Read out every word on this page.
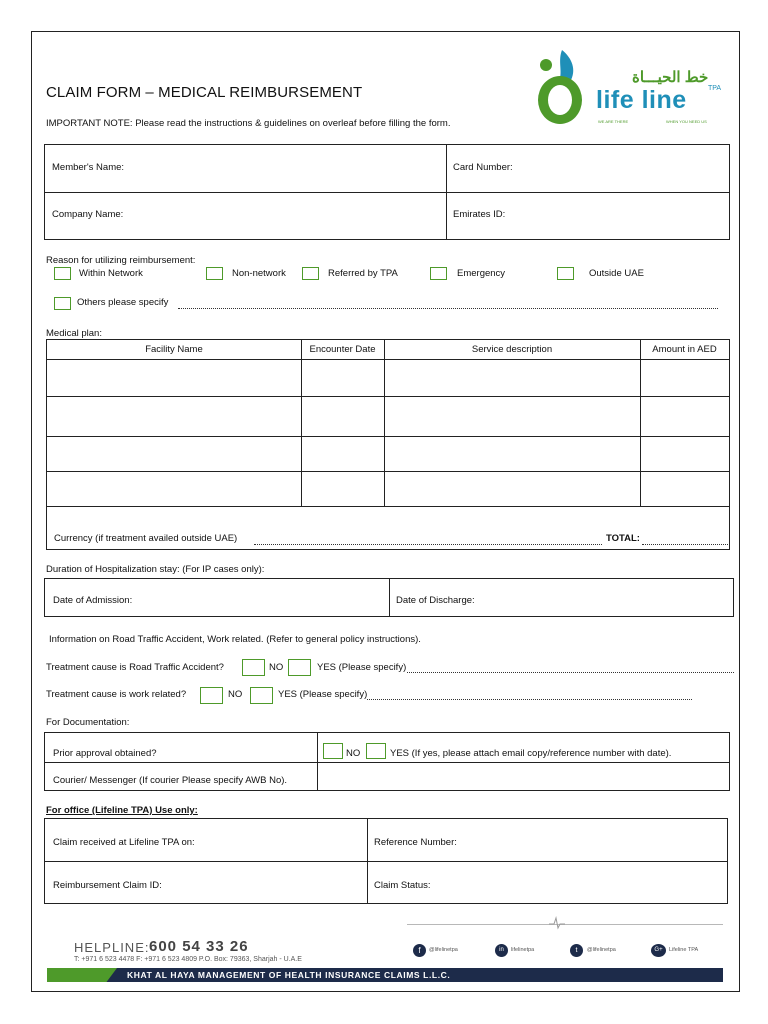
CLAIM FORM – MEDICAL REIMBURSEMENT
IMPORTANT NOTE: Please read the instructions & guidelines on overleaf before filling the form.
خط الحيـــاة
life line	TPA
WE ARE THERE	WHEN YOU NEED US
Member's Name:	Card Number:
Company Name:	Emirates ID:
Reason for utilizing reimbursement:
Within Network	Non-network	Referred by TPA	Emergency	Outside UAE
Others please specify
Medical plan:
Facility Name	Encounter Date	Service description	Amount in AED
Currency (if treatment availed outside UAE)	TOTAL:
Duration of Hospitalization stay: (For IP cases only):
Date of Admission:	Date of Discharge:
Information on Road Traffic Accident, Work related. (Refer to general policy instructions).
Treatment cause is Road Traffic Accident?	NO	YES (Please specify)
Treatment cause is work related?	NO	YES (Please specify)
For Documentation:
Prior approval obtained?	NO	YES (If yes, please attach email copy/reference number with date).
Courier/ Messenger (If courier Please specify AWB No).
For office (Lifeline TPA) Use only:
Claim received at Lifeline TPA on:	Reference Number:
Reimbursement Claim ID:	Claim Status:
HELPLINE: 600 54 33 26
T: +971 6 523 4478 F: +971 6 523 4809 P.O. Box: 79363, Sharjah - U.A.E
f	@lifelinetpa	in	lifelinetpa	t	@lifelinetpa	G+	Lifeline TPA
KHAT AL HAYA MANAGEMENT OF HEALTH INSURANCE CLAIMS L.L.C.
